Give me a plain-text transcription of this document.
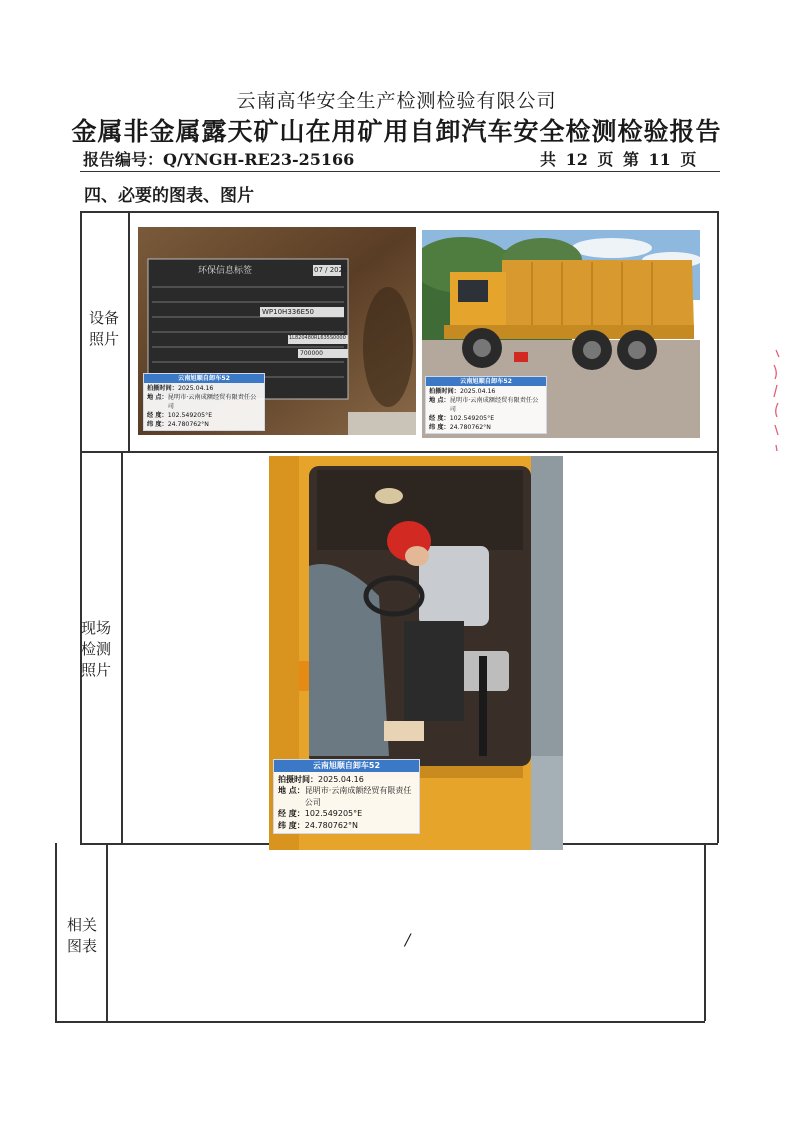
云南高华安全生产检测检验有限公司
金属非金属露天矿山在用矿用自卸汽车安全检测检验报告
报告编号：Q/YNGH-RE23-25166	共 12 页 第 11 页
四、必要的图表、图片
设备
照片
现场
检测
照片
相关
图表
环保信息标签	07 / 2020
WP10H336E50
1L820480RL635S0000
700000
云南旭顺自卸车52
拍摄时间： 2025.04.16
地 点： 昆明市·云南成额经贸有限责任公司
经 度： 102.549205°E
纬 度： 24.780762°N
云南旭顺自卸车52
拍摄时间： 2025.04.16
地 点： 昆明市·云南成额经贸有限责任公司
经 度： 102.549205°E
纬 度： 24.780762°N
云南旭顺自卸车52
拍摄时间： 2025.04.16
地 点： 昆明市·云南成额经贸有限责任公司
经 度： 102.549205°E
纬 度： 24.780762°N
/
